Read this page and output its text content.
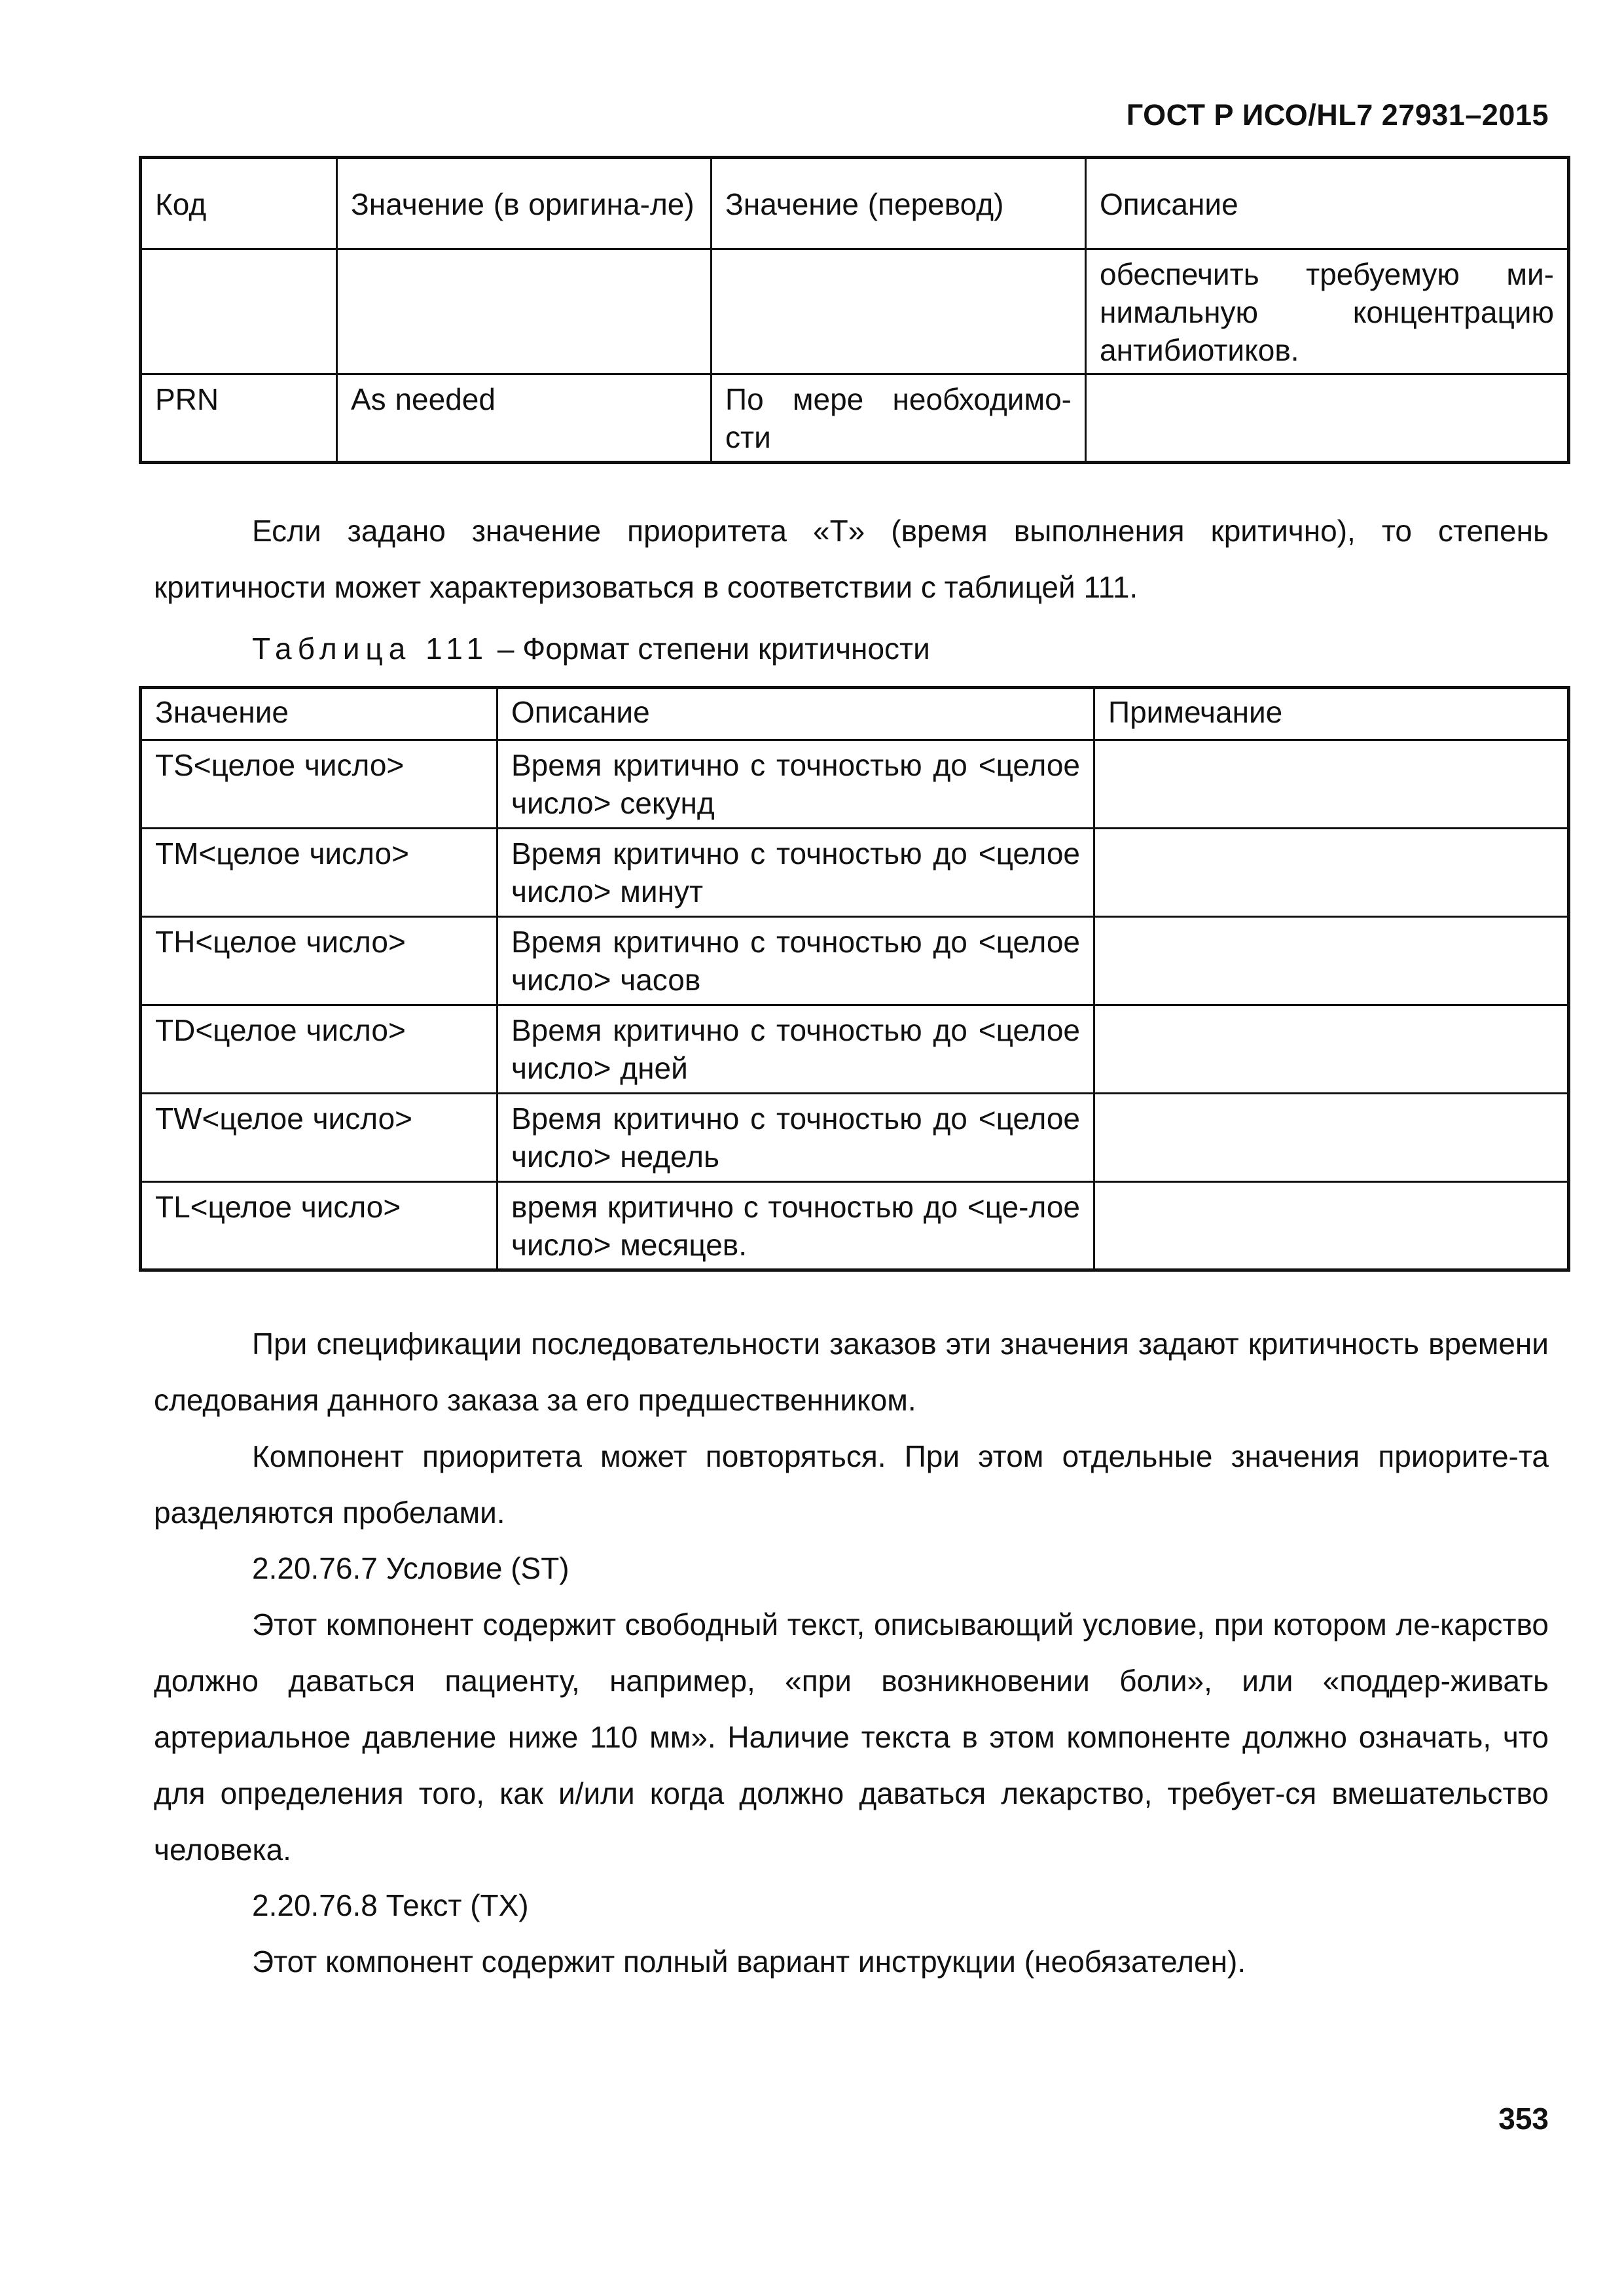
ГОСТ Р ИСО/HL7 27931–2015
Код	Значение (в оригина-ле)	Значение (перевод)	Описание
			обеспечить требуемую ми-нимальную концентрацию антибиотиков.
PRN	As needed	По мере необходимо-сти	
Если задано значение приоритета «T» (время выполнения критично), то степень критичности может характеризоваться в соответствии с таблицей 111.
Таблица 111 – Формат степени критичности
Значение	Описание	Примечание
TS<целое число>	Время критично с точностью до <целое число> секунд	
TM<целое число>	Время критично с точностью до <целое число> минут	
TH<целое число>	Время критично с точностью до <целое число> часов	
TD<целое число>	Время критично с точностью до <целое число> дней	
TW<целое число>	Время критично с точностью до <целое число> недель	
TL<целое число>	время критично с точностью до <це-лое число> месяцев.	
При спецификации последовательности заказов эти значения задают критичность времени следования данного заказа за его предшественником.
Компонент приоритета может повторяться. При этом отдельные значения приорите-та разделяются пробелами.
2.20.76.7 Условие (ST)
Этот компонент содержит свободный текст, описывающий условие, при котором ле-карство должно даваться пациенту, например, «при возникновении боли», или «поддер-живать артериальное давление ниже 110 мм». Наличие текста в этом компоненте должно означать, что для определения того, как и/или когда должно даваться лекарство, требует-ся вмешательство человека.
2.20.76.8 Текст (TX)
Этот компонент содержит полный вариант инструкции (необязателен).
353
